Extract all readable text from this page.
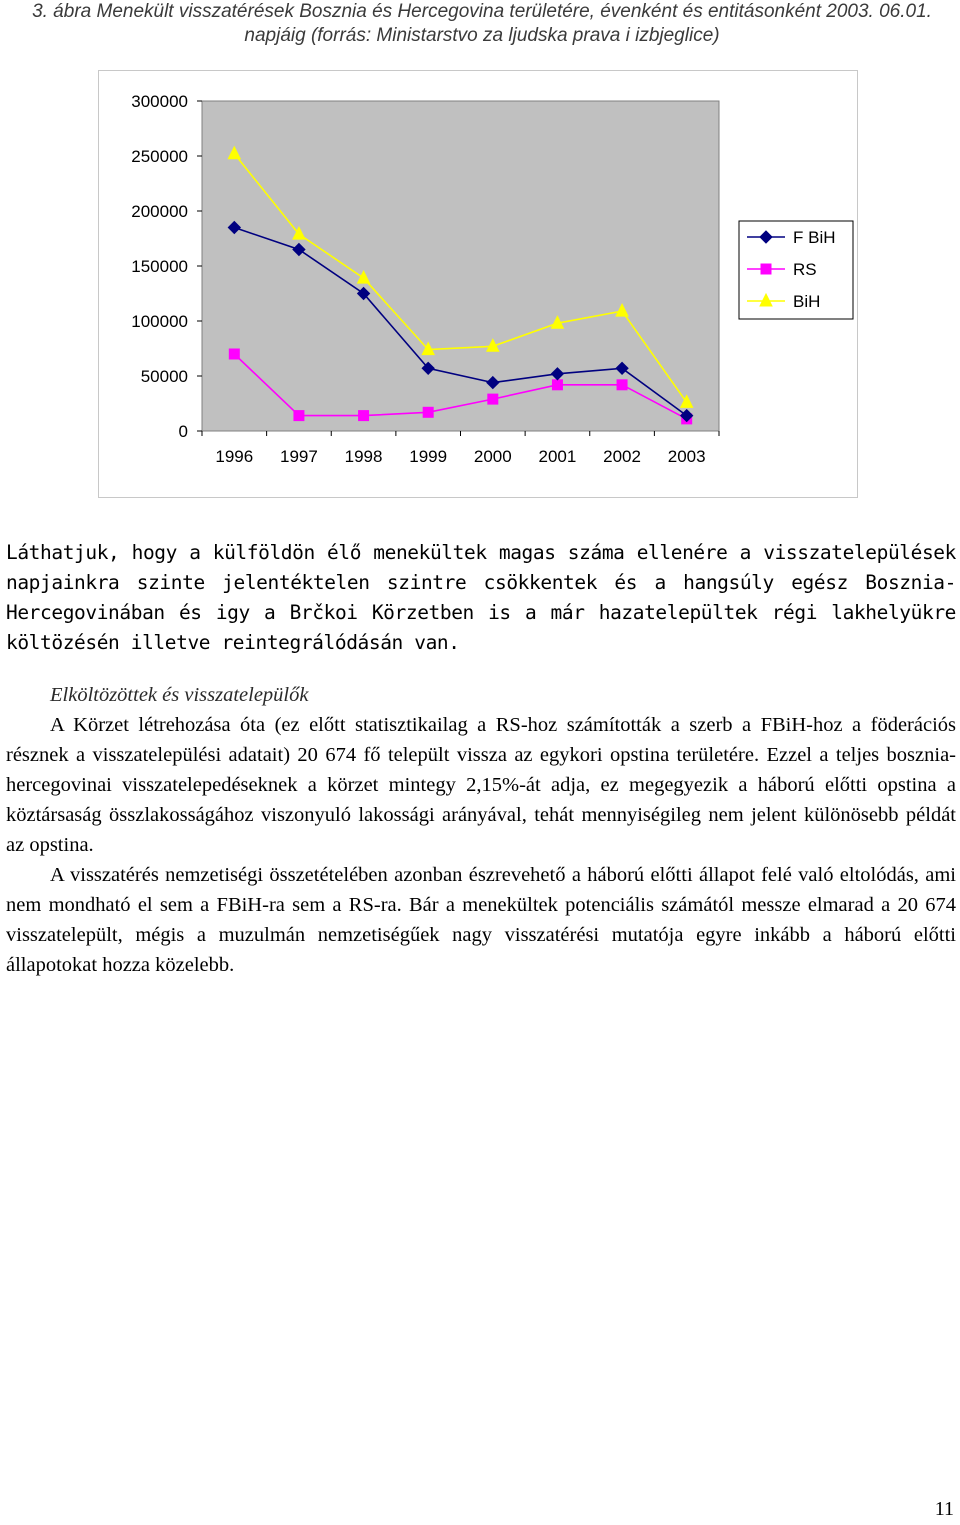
3. ábra Menekült visszatérések Bosznia és Hercegovina területére, évenként és entitásonként 2003. 06.01. napjáig (forrás: Ministarstvo za ljudska prava i izbjeglice)
0
50000
100000
150000
200000
250000
300000
1996 1997 1998 1999 2000 2001 2002 2003
F BiH
RS
BiH

Láthatjuk, hogy a külföldön élő menekültek magas száma ellenére a visszatelepülések napjainkra szinte jelentéktelen szintre csökkentek és a hangsúly egész Bosznia-Hercegovinában és igy a Brčkoi Körzetben is a már hazatelepültek régi lakhelyükre költözésén illetve reintegrálódásán van.

Elköltözöttek és visszatelepülők

A Körzet létrehozása óta (ez előtt statisztikailag a RS-hoz számították a szerb a FBiH-hoz a föderációs résznek a visszatelepülési adatait) 20 674 fő települt vissza az egykori opstina területére. Ezzel a teljes bosznia-hercegovinai visszatelepedéseknek a körzet mintegy 2,15%-át adja, ez megegyezik a háború előtti opstina a köztársaság összlakosságához viszonyuló lakossági arányával, tehát mennyiségileg nem jelent különösebb példát az opstina.

A visszatérés nemzetiségi összetételében azonban észrevehető a háború előtti állapot felé való eltolódás, ami nem mondható el sem a FBiH-ra sem a RS-ra. Bár a menekültek potenciális számától messze elmarad a 20 674 visszatelepült, mégis a muzulmán nemzetiségűek nagy visszatérési mutatója egyre inkább a háború előtti állapotokat hozza közelebb.

11
